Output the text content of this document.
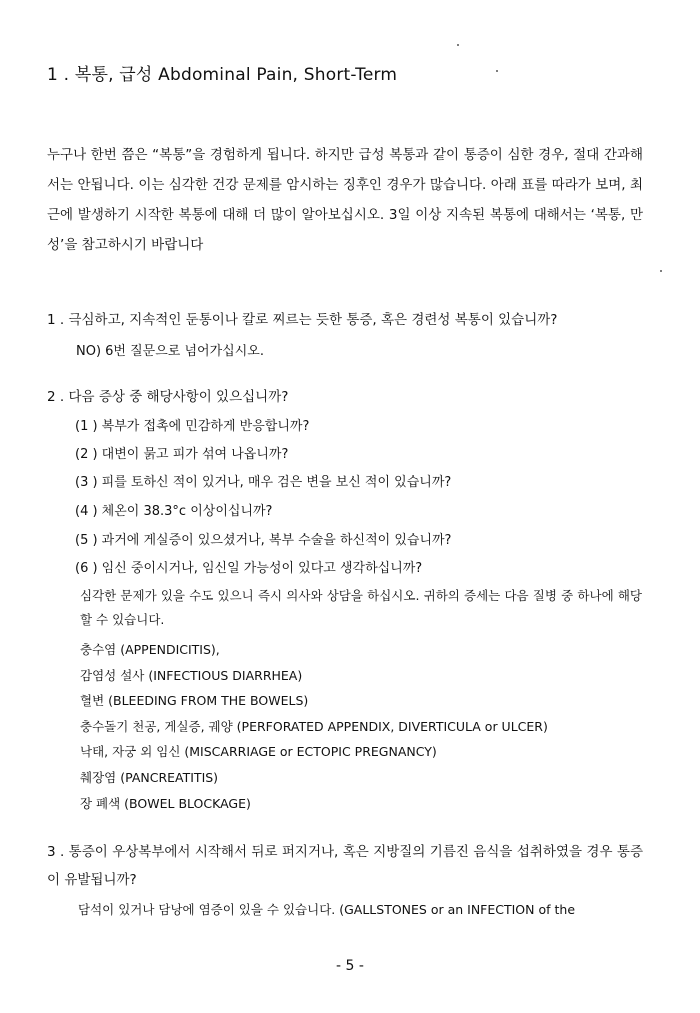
1 . 복통, 급성 Abdominal Pain, Short-Term
누구나 한번 쯤은 “복통”을 경험하게 됩니다. 하지만 급성 복통과 같이 통증이 심한 경우, 절대 간과해서는 안됩니다. 이는 심각한 건강 문제를 암시하는 징후인 경우가 많습니다. 아래 표를 따라가 보며, 최근에 발생하기 시작한 복통에 대해 더 많이 알아보십시오. 3일 이상 지속된 복통에 대해서는 ‘복통, 만성’을 참고하시기 바랍니다
1 . 극심하고, 지속적인 둔통이나 칼로 찌르는 듯한 통증, 혹은 경련성 복통이 있습니까?
NO) 6번 질문으로 넘어가십시오.
2 . 다음 증상 중 해당사항이 있으십니까?
(1 ) 복부가 접촉에 민감하게 반응합니까?
(2 ) 대변이 묽고 피가 섞여 나옵니까?
(3 ) 피를 토하신 적이 있거나, 매우 검은 변을 보신 적이 있습니까?
(4 ) 체온이 38.3°c 이상이십니까?
(5 ) 과거에 게실증이 있으셨거나, 복부 수술을 하신적이 있습니까?
(6 ) 임신 중이시거나, 임신일 가능성이 있다고 생각하십니까?
심각한 문제가 있을 수도 있으니 즉시 의사와 상담을 하십시오. 귀하의 증세는 다음 질병 중 하나에 해당 할 수 있습니다.
충수염 (APPENDICITIS),
감염성 설사 (INFECTIOUS DIARRHEA)
혈변 (BLEEDING FROM THE BOWELS)
충수돌기 천공, 게실증, 궤양 (PERFORATED APPENDIX, DIVERTICULA or ULCER)
낙태, 자궁 외 임신 (MISCARRIAGE or ECTOPIC PREGNANCY)
췌장염 (PANCREATITIS)
장 폐색 (BOWEL BLOCKAGE)
3 . 통증이 우상복부에서 시작해서 뒤로 퍼지거나, 혹은 지방질의 기름진 음식을 섭취하였을 경우 통증이 유발됩니까?
담석이 있거나 담낭에 염증이 있을 수 있습니다. (GALLSTONES or an INFECTION of the
- 5 -
